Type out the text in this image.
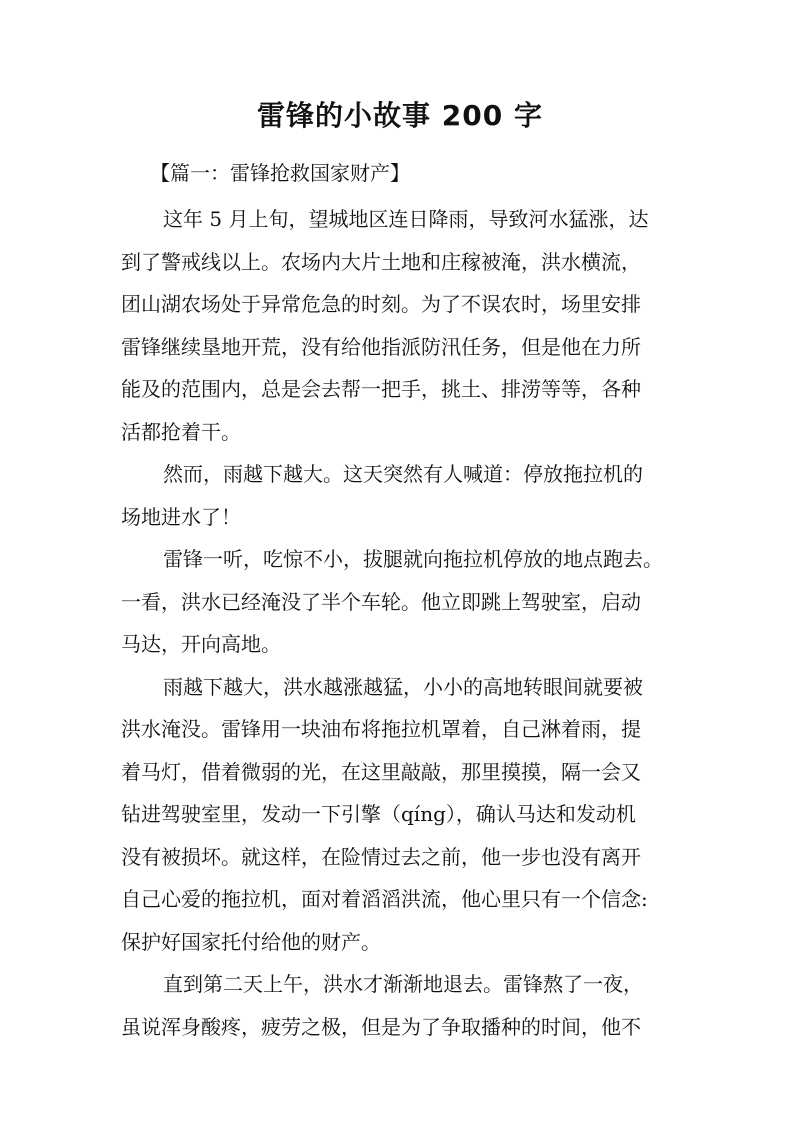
雷锋的小故事 200 字
【篇一：雷锋抢救国家财产】
这年 5 月上旬，望城地区连日降雨，导致河水猛涨，达
到了警戒线以上。农场内大片土地和庄稼被淹，洪水横流，
团山湖农场处于异常危急的时刻。为了不误农时，场里安排
雷锋继续垦地开荒，没有给他指派防汛任务，但是他在力所
能及的范围内，总是会去帮一把手，挑土、排涝等等，各种
活都抢着干。
然而，雨越下越大。这天突然有人喊道：停放拖拉机的
场地进水了！
雷锋一听，吃惊不小，拔腿就向拖拉机停放的地点跑去。
一看，洪水已经淹没了半个车轮。他立即跳上驾驶室，启动
马达，开向高地。
雨越下越大，洪水越涨越猛，小小的高地转眼间就要被
洪水淹没。雷锋用一块油布将拖拉机罩着，自己淋着雨，提
着马灯，借着微弱的光，在这里敲敲，那里摸摸，隔一会又
钻进驾驶室里，发动一下引擎（qíng），确认马达和发动机
没有被损坏。就这样，在险情过去之前，他一步也没有离开
自己心爱的拖拉机，面对着滔滔洪流，他心里只有一个信念:
保护好国家托付给他的财产。
直到第二天上午，洪水才渐渐地退去。雷锋熬了一夜，
虽说浑身酸疼，疲劳之极，但是为了争取播种的时间，他不
